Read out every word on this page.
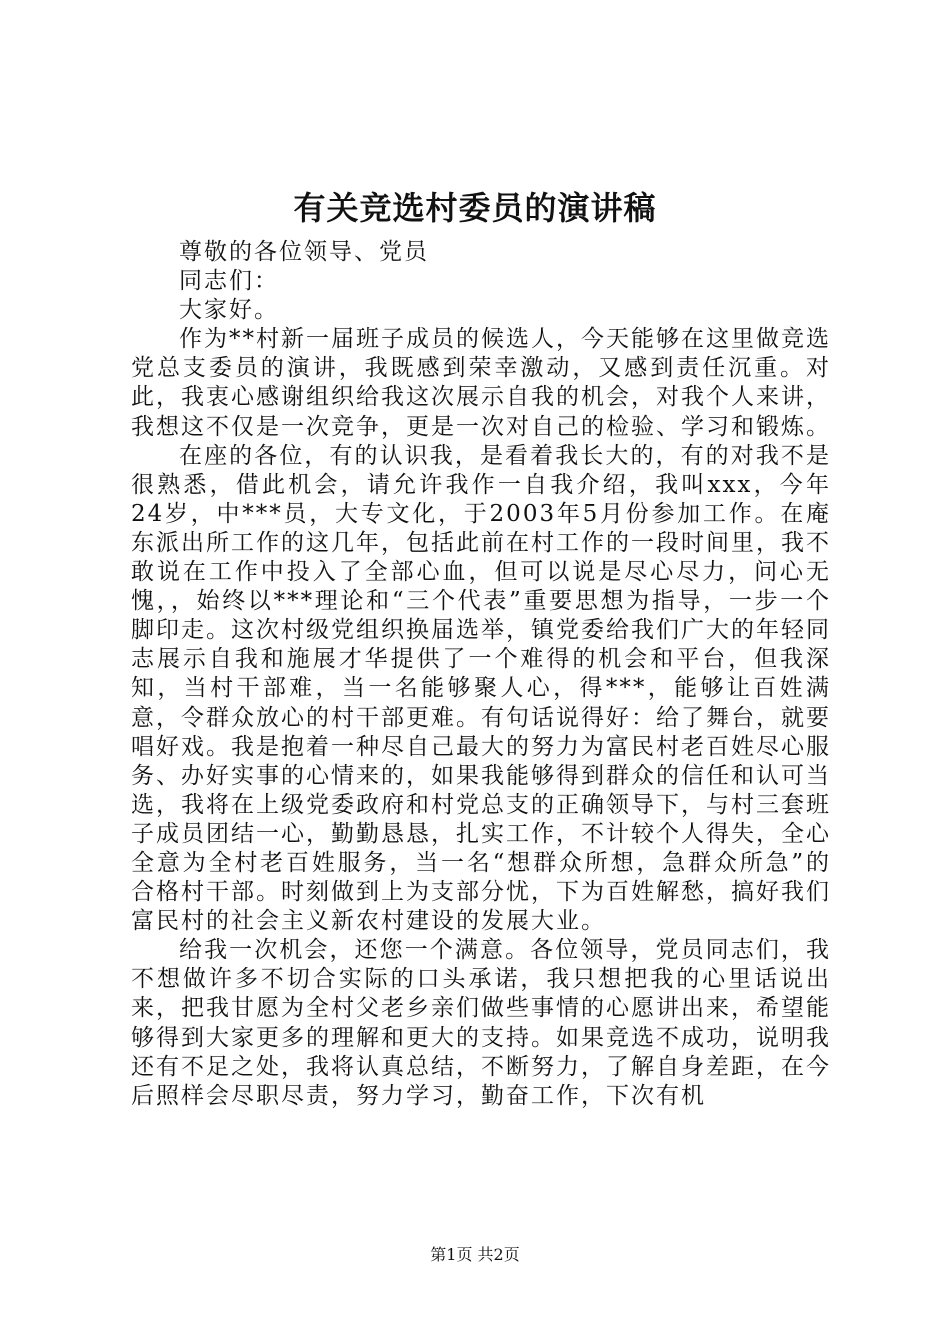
有关竞选村委员的演讲稿

尊敬的各位领导、党员

同志们：

大家好。

作为**村新一届班子成员的候选人，今天能够在这里做竞选党总支委员的演讲，我既感到荣幸激动，又感到责任沉重。对此，我衷心感谢组织给我这次展示自我的机会，对我个人来讲，我想这不仅是一次竞争，更是一次对自己的检验、学习和锻炼。

在座的各位，有的认识我，是看着我长大的，有的对我不是很熟悉，借此机会，请允许我作一自我介绍，我叫xxx，今年24岁，中***员，大专文化，于2003年5月份参加工作。在庵东派出所工作的这几年，包括此前在村工作的一段时间里，我不敢说在工作中投入了全部心血，但可以说是尽心尽力，问心无愧，，始终以***理论和“三个代表”重要思想为指导，一步一个脚印走。这次村级党组织换届选举，镇党委给我们广大的年轻同志展示自我和施展才华提供了一个难得的机会和平台，但我深知，当村干部难，当一名能够聚人心，得***，能够让百姓满意，令群众放心的村干部更难。有句话说得好：给了舞台，就要唱好戏。我是抱着一种尽自己最大的努力为富民村老百姓尽心服务、办好实事的心情来的，如果我能够得到群众的信任和认可当选，我将在上级党委政府和村党总支的正确领导下，与村三套班子成员团结一心，勤勤恳恳，扎实工作，不计较个人得失，全心全意为全村老百姓服务，当一名“想群众所想，急群众所急”的合格村干部。时刻做到上为支部分忧，下为百姓解愁，搞好我们富民村的社会主义新农村建设的发展大业。

给我一次机会，还您一个满意。各位领导，党员同志们，我不想做许多不切合实际的口头承诺，我只想把我的心里话说出来，把我甘愿为全村父老乡亲们做些事情的心愿讲出来，希望能够得到大家更多的理解和更大的支持。如果竞选不成功，说明我还有不足之处，我将认真总结，不断努力，了解自身差距，在今后照样会尽职尽责，努力学习，勤奋工作，下次有机

第1页 共2页
